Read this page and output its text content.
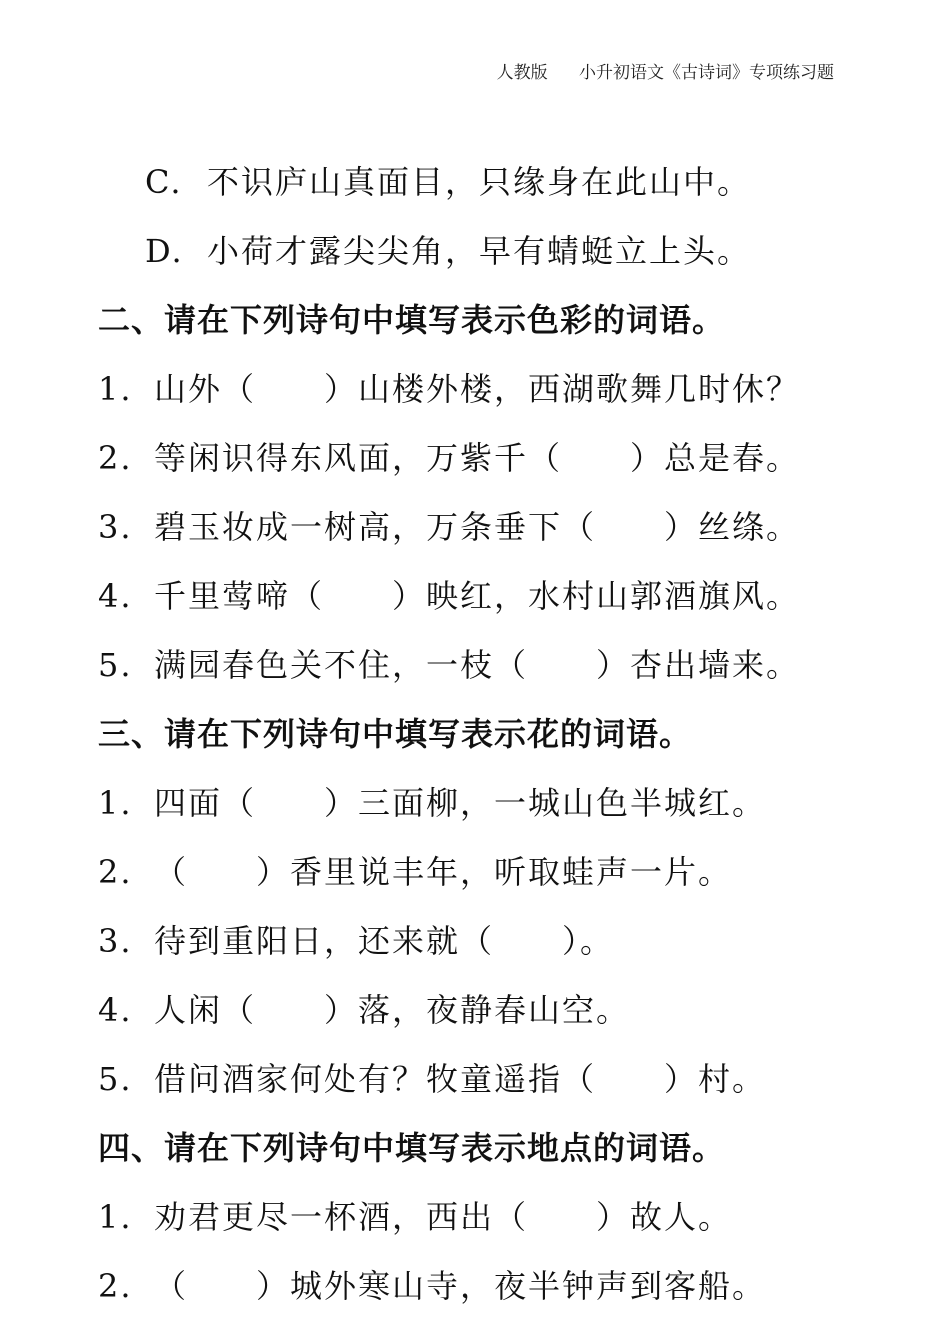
人教版 小升初语文《古诗词》专项练习题
C. 不识庐山真面目，只缘身在此山中。
D. 小荷才露尖尖角，早有蜻蜓立上头。
二、请在下列诗句中填写表示色彩的词语。
1. 山外（　　）山楼外楼，西湖歌舞几时休？
2. 等闲识得东风面，万紫千（　　）总是春。
3. 碧玉妆成一树高，万条垂下（　　）丝绦。
4. 千里莺啼（　　）映红，水村山郭酒旗风。
5. 满园春色关不住，一枝（　　）杏出墙来。
三、请在下列诗句中填写表示花的词语。
1. 四面（　　）三面柳，一城山色半城红。
2. （　　）香里说丰年，听取蛙声一片。
3. 待到重阳日，还来就（　　）。
4. 人闲（　　）落，夜静春山空。
5. 借问酒家何处有？牧童遥指（　　）村。
四、请在下列诗句中填写表示地点的词语。
1. 劝君更尽一杯酒，西出（　　）故人。
2. （　　）城外寒山寺，夜半钟声到客船。
